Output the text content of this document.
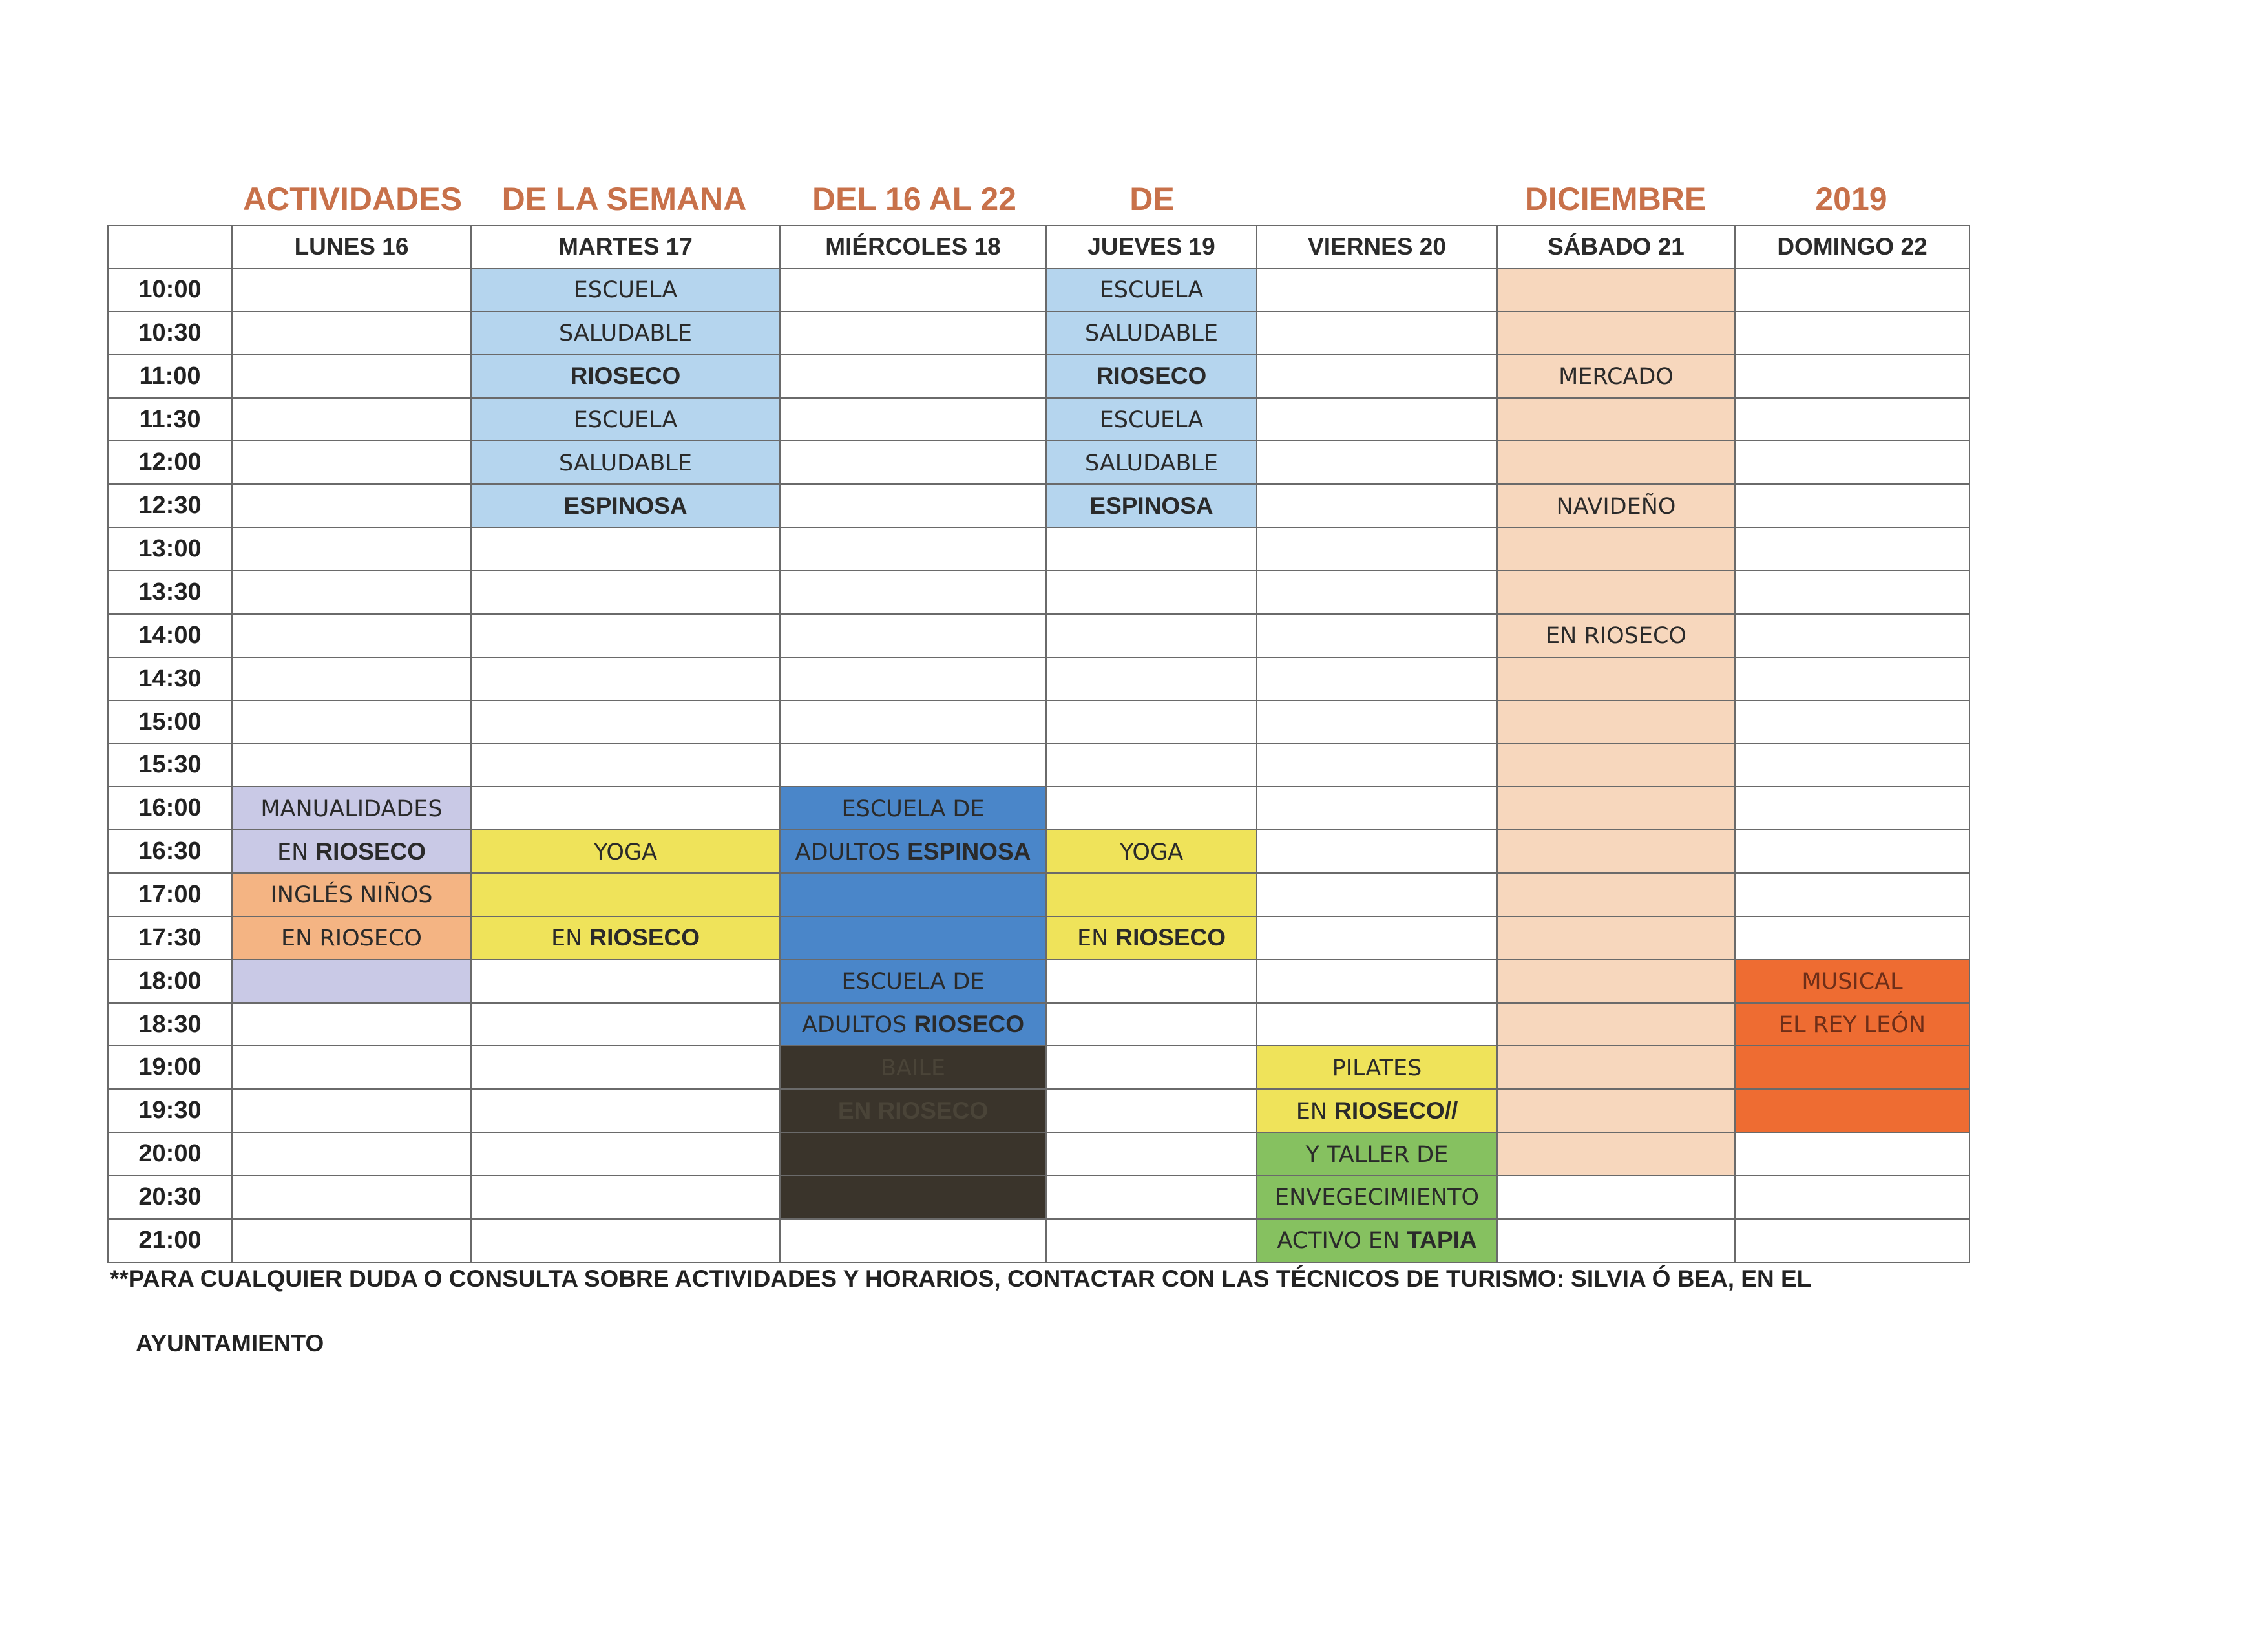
ACTIVIDADES DE LA SEMANA	DEL 16 AL 22	DE	DICIEMBRE	2019
	LUNES 16	MARTES 17	MIÉRCOLES 18	JUEVES 19	VIERNES 20	SÁBADO 21	DOMINGO 22
10:00		ESCUELA		ESCUELA			
10:30		SALUDABLE		SALUDABLE			
11:00		RIOSECO		RIOSECO		MERCADO	
11:30		ESCUELA		ESCUELA			
12:00		SALUDABLE		SALUDABLE			
12:30		ESPINOSA		ESPINOSA		NAVIDEÑO	
13:00							
13:30							
14:00						EN RIOSECO	
14:30							
15:00							
15:30							
16:00	MANUALIDADES		ESCUELA DE				
16:30	EN RIOSECO	YOGA	ADULTOS ESPINOSA	YOGA			
17:00	INGLÉS NIÑOS						
17:30	EN RIOSECO	EN RIOSECO		EN RIOSECO			
18:00			ESCUELA DE				MUSICAL
18:30			ADULTOS RIOSECO				EL REY LEÓN
19:00			BAILE		PILATES		
19:30			EN RIOSECO		EN RIOSECO//		
20:00					Y TALLER DE		
20:30					ENVEGECIMIENTO		
21:00					ACTIVO EN TAPIA		
**PARA CUALQUIER DUDA O CONSULTA SOBRE ACTIVIDADES Y HORARIOS, CONTACTAR CON LAS TÉCNICOS DE TURISMO: SILVIA Ó BEA, EN EL
AYUNTAMIENTO
